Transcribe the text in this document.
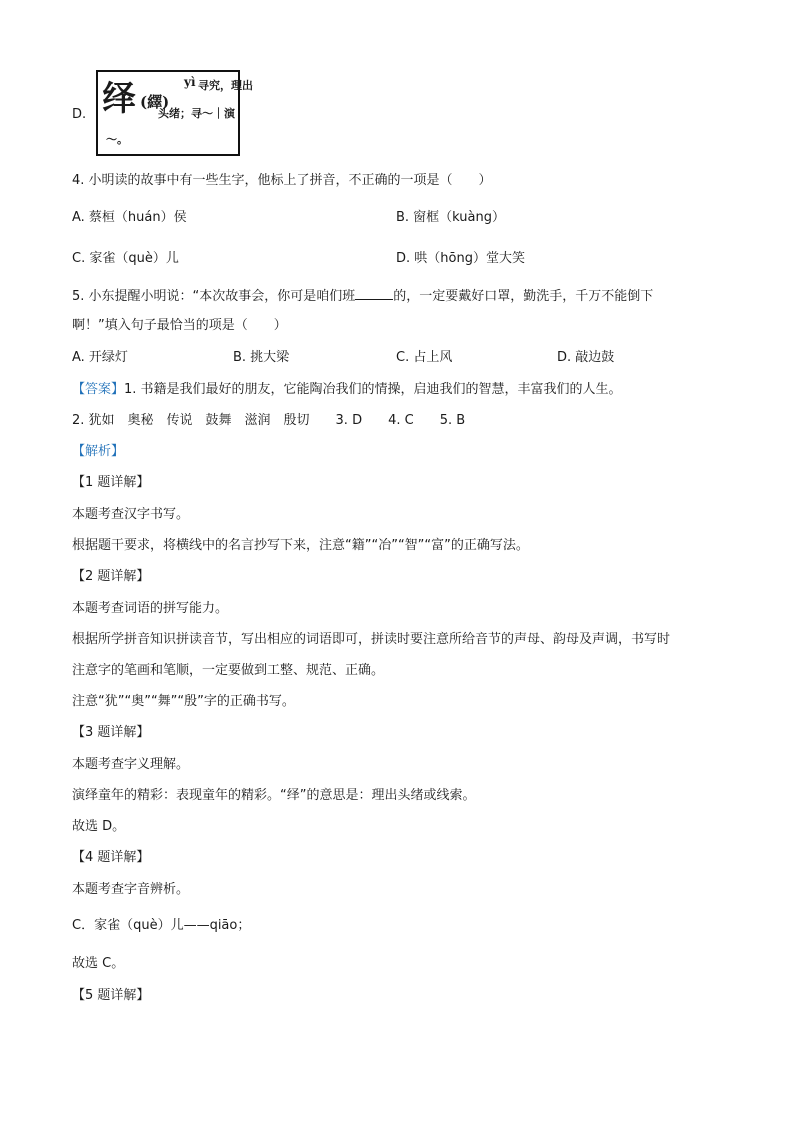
D. 绎 (繹)
yì 寻究，理出
头绪；寻～｜演
～。
4. 小明读的故事中有一些生字，他标上了拼音，不正确的一项是（　　）
A. 蔡桓（huán）侯	B. 窗框（kuàng）
C. 家雀（què）儿	D. 哄（hōng）堂大笑
5. 小东提醒小明说：“本次故事会，你可是咱们班	的，一定要戴好口罩，勤洗手，千万不能倒下
啊！”填入句子最恰当的项是（　　）
A. 开绿灯	B. 挑大梁	C. 占上风	D. 敲边鼓
【答案】1. 书籍是我们最好的朋友，它能陶冶我们的情操，启迪我们的智慧，丰富我们的人生。
2. 犹如　奥秘　传说　鼓舞　滋润　殷切　　3. D　　4. C　　5. B
【解析】
【1 题详解】
本题考查汉字书写。
根据题干要求，将横线中的名言抄写下来，注意“籍”“冶”“智”“富”的正确写法。
【2 题详解】
本题考查词语的拼写能力。
根据所学拼音知识拼读音节，写出相应的词语即可，拼读时要注意所给音节的声母、韵母及声调，书写时
注意字的笔画和笔顺，一定要做到工整、规范、正确。
注意“犹”“奥”“舞”“殷”字的正确书写。
【3 题详解】
本题考查字义理解。
演绎童年的精彩：表现童年的精彩。“绎”的意思是：理出头绪或线索。
故选 D。
【4 题详解】
本题考查字音辨析。
C．家雀（què）儿——qiāo；
故选 C。
【5 题详解】
